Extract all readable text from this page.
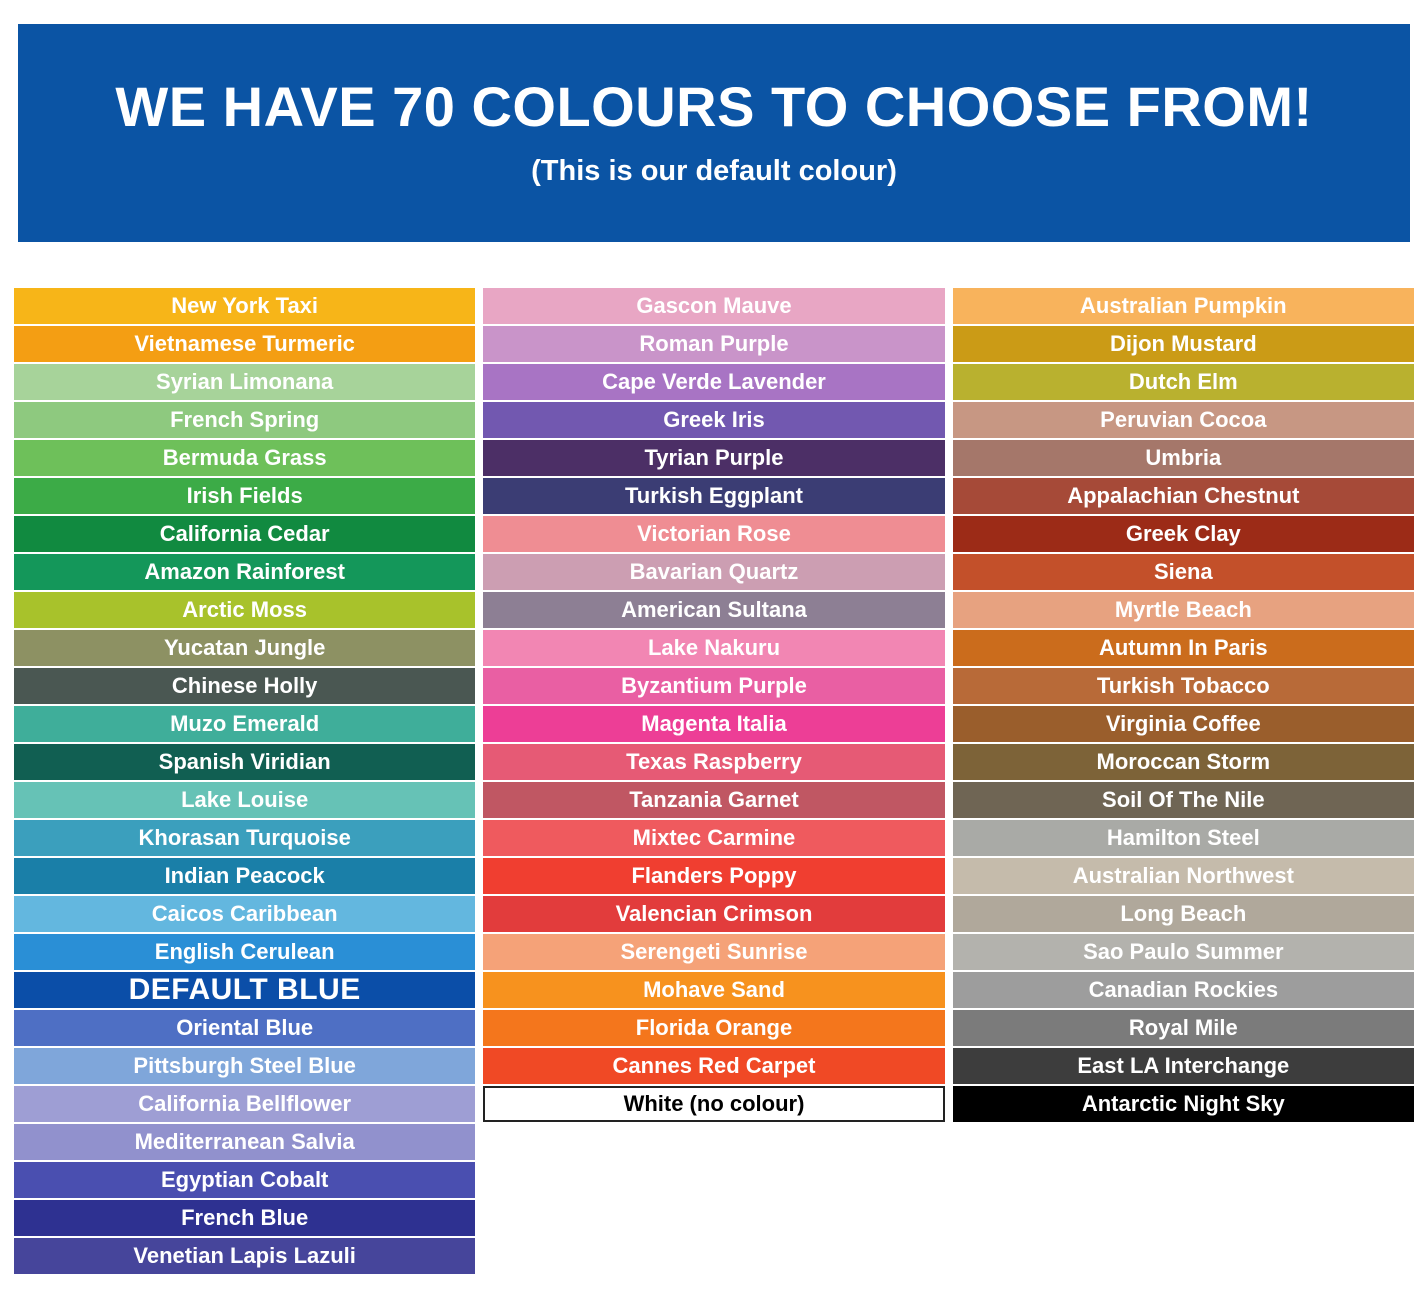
WE HAVE 70 COLOURS TO CHOOSE FROM!

(This is our default colour)

New York Taxi
Vietnamese Turmeric
Syrian Limonana
French Spring
Bermuda Grass
Irish Fields
California Cedar
Amazon Rainforest
Arctic Moss
Yucatan Jungle
Chinese Holly
Muzo Emerald
Spanish Viridian
Lake Louise
Khorasan Turquoise
Indian Peacock
Caicos Caribbean
English Cerulean
DEFAULT BLUE
Oriental Blue
Pittsburgh Steel Blue
California Bellflower
Mediterranean Salvia
Egyptian Cobalt
French Blue
Venetian Lapis Lazuli
Gascon Mauve
Roman Purple
Cape Verde Lavender
Greek Iris
Tyrian Purple
Turkish Eggplant
Victorian Rose
Bavarian Quartz
American Sultana
Lake Nakuru
Byzantium Purple
Magenta Italia
Texas Raspberry
Tanzania Garnet
Mixtec Carmine
Flanders Poppy
Valencian Crimson
Serengeti Sunrise
Mohave Sand
Florida Orange
Cannes Red Carpet
White (no colour)
Australian Pumpkin
Dijon Mustard
Dutch Elm
Peruvian Cocoa
Umbria
Appalachian Chestnut
Greek Clay
Siena
Myrtle Beach
Autumn In Paris
Turkish Tobacco
Virginia Coffee
Moroccan Storm
Soil Of The Nile
Hamilton Steel
Australian Northwest
Long Beach
Sao Paulo Summer
Canadian Rockies
Royal Mile
East LA Interchange
Antarctic Night Sky
